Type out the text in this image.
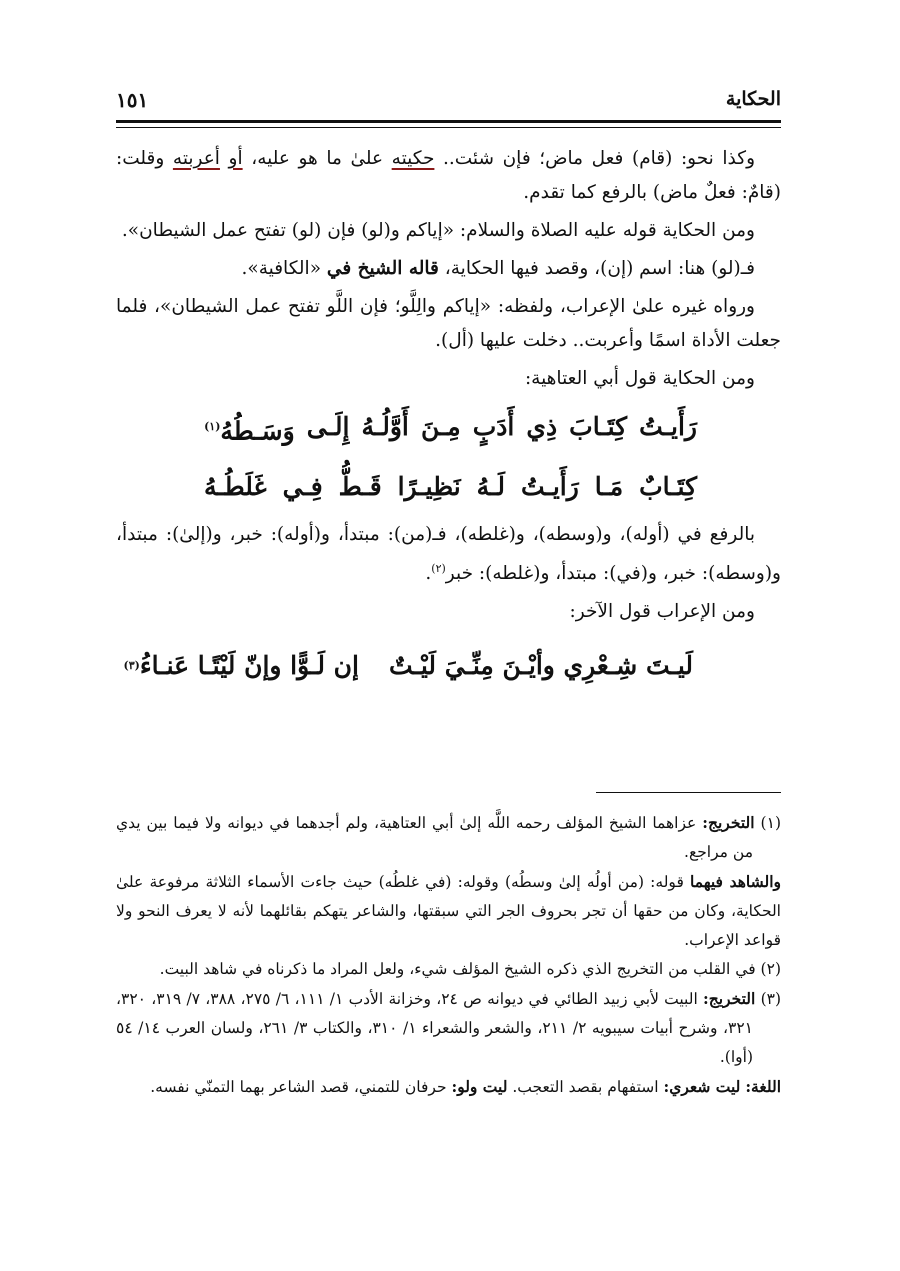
الحكاية
١٥١

وكذا نحو: (قام) فعل ماض؛ فإن شئت.. حكيته علىٰ ما هو عليه، أو أعربته وقلت: (قامٌ: فعلٌ ماض) بالرفع كما تقدم.

ومن الحكاية قوله عليه الصلاة والسلام: «إياكم و(لو) فإن (لو) تفتح عمل الشيطان».

فـ(لو) هنا: اسم (إن)، وقصد فيها الحكاية، قاله الشيخ في «الكافية».

ورواه غيره علىٰ الإعراب، ولفظه: «إياكم والِلَّو؛ فإن اللَّو تفتح عمل الشيطان»، فلما جعلت الأداة اسمًا وأعربت.. دخلت عليها (أل).

ومن الحكاية قول أبي العتاهية:

رَأَيـتُ
كِتَـابَ
ذِي
أَدَبٍ
مِـنَ
أَوَّلُـهُ
إِلَـى
وَسَـطُهُ$^{(١)}$
كِتَـابٌ
مَـا
رَأَيـتُ
لَـهُ
نَظِيـرًا
قَـطُّ
فِـي
غَلَطُـهُ

بالرفع في (أوله)، و(وسطه)، و(غلطه)، فـ(من): مبتدأ، و(أوله): خبر، و(إلىٰ): مبتدأ، و(وسطه): خبر، و(في): مبتدأ، و(غلطه): خبر$^{(٢)}$.

ومن الإعراب قول الآخر:

لَيـتَ شِـعْرِي وأيْـنَ مِنِّـيَ لَيْـتٌ
إن لَـوًّا وإنّ لَيْتًـا عَنـاءُ
(٣)

(١) التخريج: عزاهما الشيخ المؤلف رحمه اللَّه إلىٰ أبي العتاهية، ولم أجدهما في ديوانه ولا فيما بين يدي من مراجع.

والشاهد فيهما قوله: (من أولُه إلىٰ وسطُه) وقوله: (في غلطُه) حيث جاءت الأسماء الثلاثة مرفوعة علىٰ الحكاية، وكان من حقها أن تجر بحروف الجر التي سبقتها، والشاعر يتهكم بقائلهما لأنه لا يعرف النحو ولا قواعد الإعراب.

(٢) في القلب من التخريج الذي ذكره الشيخ المؤلف شيء، ولعل المراد ما ذكرناه في شاهد البيت.

(٣) التخريج: البيت لأبي زبيد الطائي في ديوانه ص ٢٤، وخزانة الأدب ١/ ١١١، ٦/ ٢٧٥، ٣٨٨، ٧/ ٣١٩، ٣٢٠، ٣٢١، وشرح أبيات سيبويه ٢/ ٢١١، والشعر والشعراء ١/ ٣١٠، والكتاب ٣/ ٢٦١، ولسان العرب ١٤/ ٥٤ (أوا).

اللغة: ليت شعري: استفهام بقصد التعجب. ليت ولو: حرفان للتمني، قصد الشاعر بهما التمنّي نفسه.
